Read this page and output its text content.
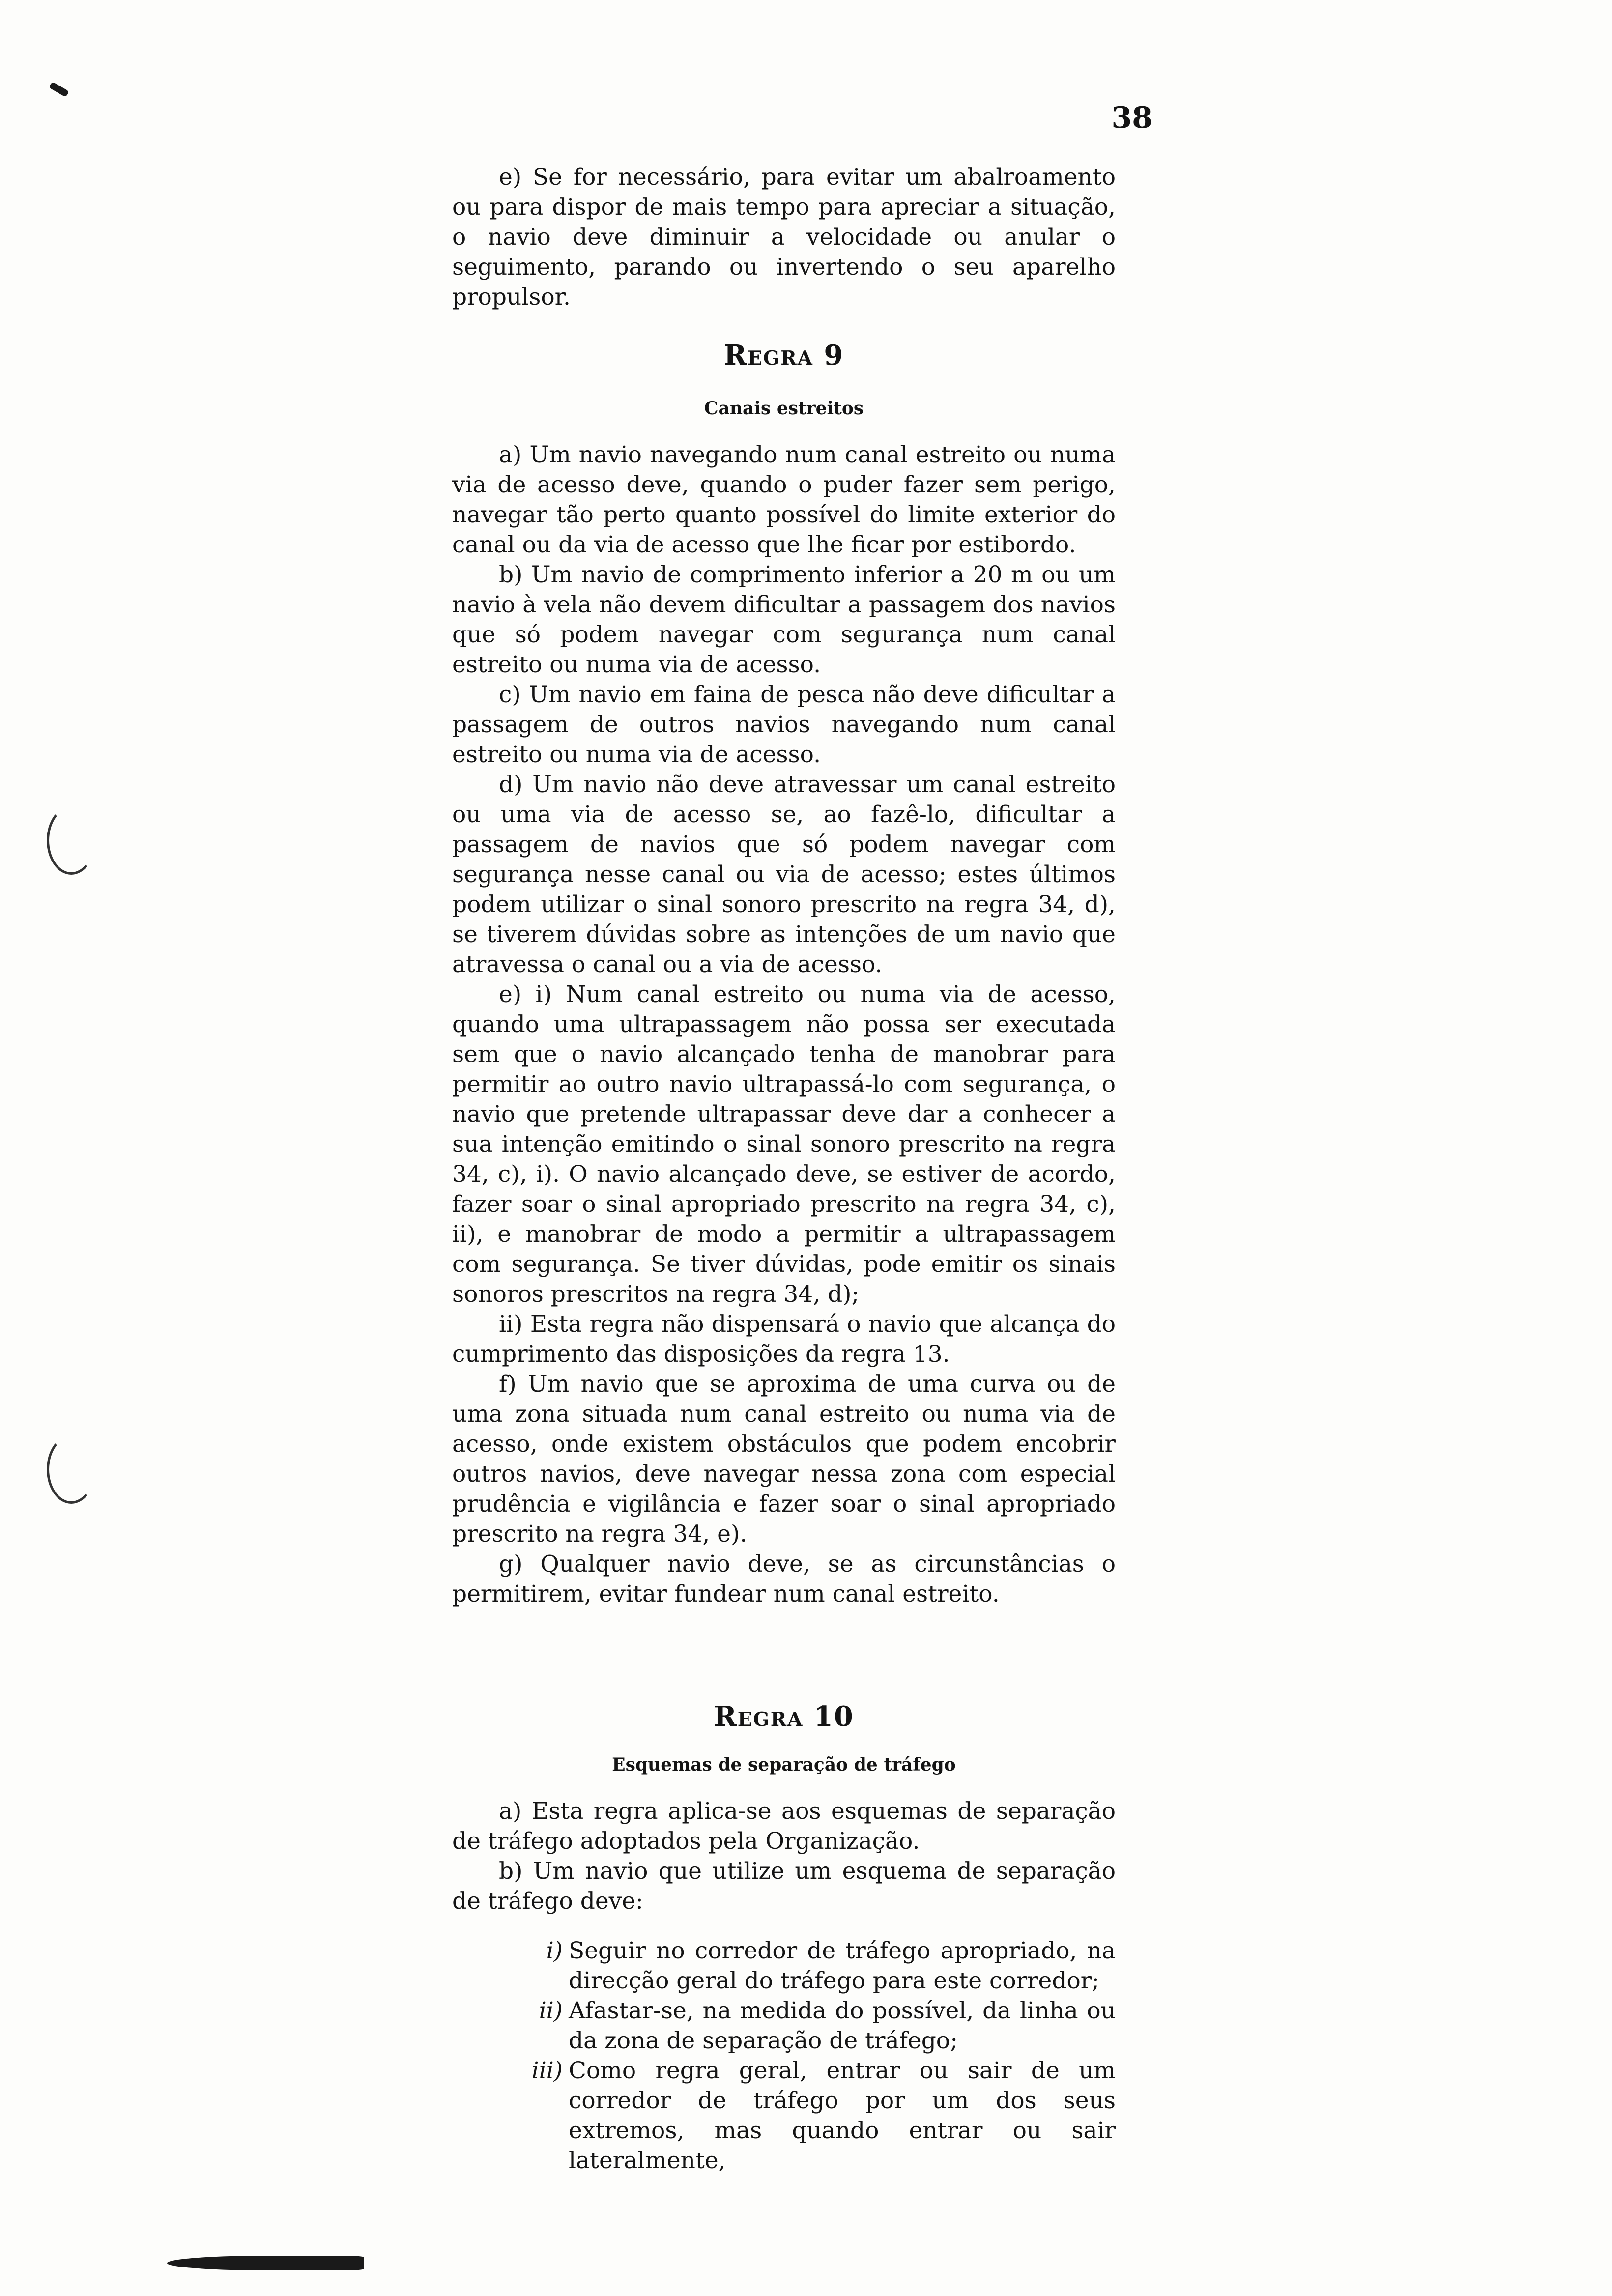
38

e) Se for necessário, para evitar um abalroamento ou para dispor de mais tempo para apreciar a situação, o navio deve diminuir a velocidade ou anular o seguimento, parando ou invertendo o seu aparelho propulsor.

Regra 9
Canais estreitos

a) Um navio navegando num canal estreito ou numa via de acesso deve, quando o puder fazer sem perigo, navegar tão perto quanto possível do limite exterior do canal ou da via de acesso que lhe ficar por estibordo.

b) Um navio de comprimento inferior a 20 m ou um navio à vela não devem dificultar a passagem dos navios que só podem navegar com segurança num canal estreito ou numa via de acesso.

c) Um navio em faina de pesca não deve dificultar a passagem de outros navios navegando num canal estreito ou numa via de acesso.

d) Um navio não deve atravessar um canal estreito ou uma via de acesso se, ao fazê-lo, dificultar a passagem de navios que só podem navegar com segurança nesse canal ou via de acesso; estes últimos podem utilizar o sinal sonoro prescrito na regra 34, d), se tiverem dúvidas sobre as intenções de um navio que atravessa o canal ou a via de acesso.

e) i) Num canal estreito ou numa via de acesso, quando uma ultrapassagem não possa ser executada sem que o navio alcançado tenha de manobrar para permitir ao outro navio ultrapassá-lo com segurança, o navio que pretende ultrapassar deve dar a conhecer a sua intenção emitindo o sinal sonoro prescrito na regra 34, c), i). O navio alcançado deve, se estiver de acordo, fazer soar o sinal apropriado prescrito na regra 34, c), ii), e manobrar de modo a permitir a ultrapassagem com segurança. Se tiver dúvidas, pode emitir os sinais sonoros prescritos na regra 34, d);

ii) Esta regra não dispensará o navio que alcança do cumprimento das disposições da regra 13.

f) Um navio que se aproxima de uma curva ou de uma zona situada num canal estreito ou numa via de acesso, onde existem obstáculos que podem encobrir outros navios, deve navegar nessa zona com especial prudência e vigilância e fazer soar o sinal apropriado prescrito na regra 34, e).

g) Qualquer navio deve, se as circunstâncias o permitirem, evitar fundear num canal estreito.

Regra 10
Esquemas de separação de tráfego

a) Esta regra aplica-se aos esquemas de separação de tráfego adoptados pela Organização.

b) Um navio que utilize um esquema de separação de tráfego deve:

i) Seguir no corredor de tráfego apropriado, na direcção geral do tráfego para este corredor;
ii) Afastar-se, na medida do possível, da linha ou da zona de separação de tráfego;
iii) Como regra geral, entrar ou sair de um corredor de tráfego por um dos seus extremos, mas quando entrar ou sair lateralmente,
